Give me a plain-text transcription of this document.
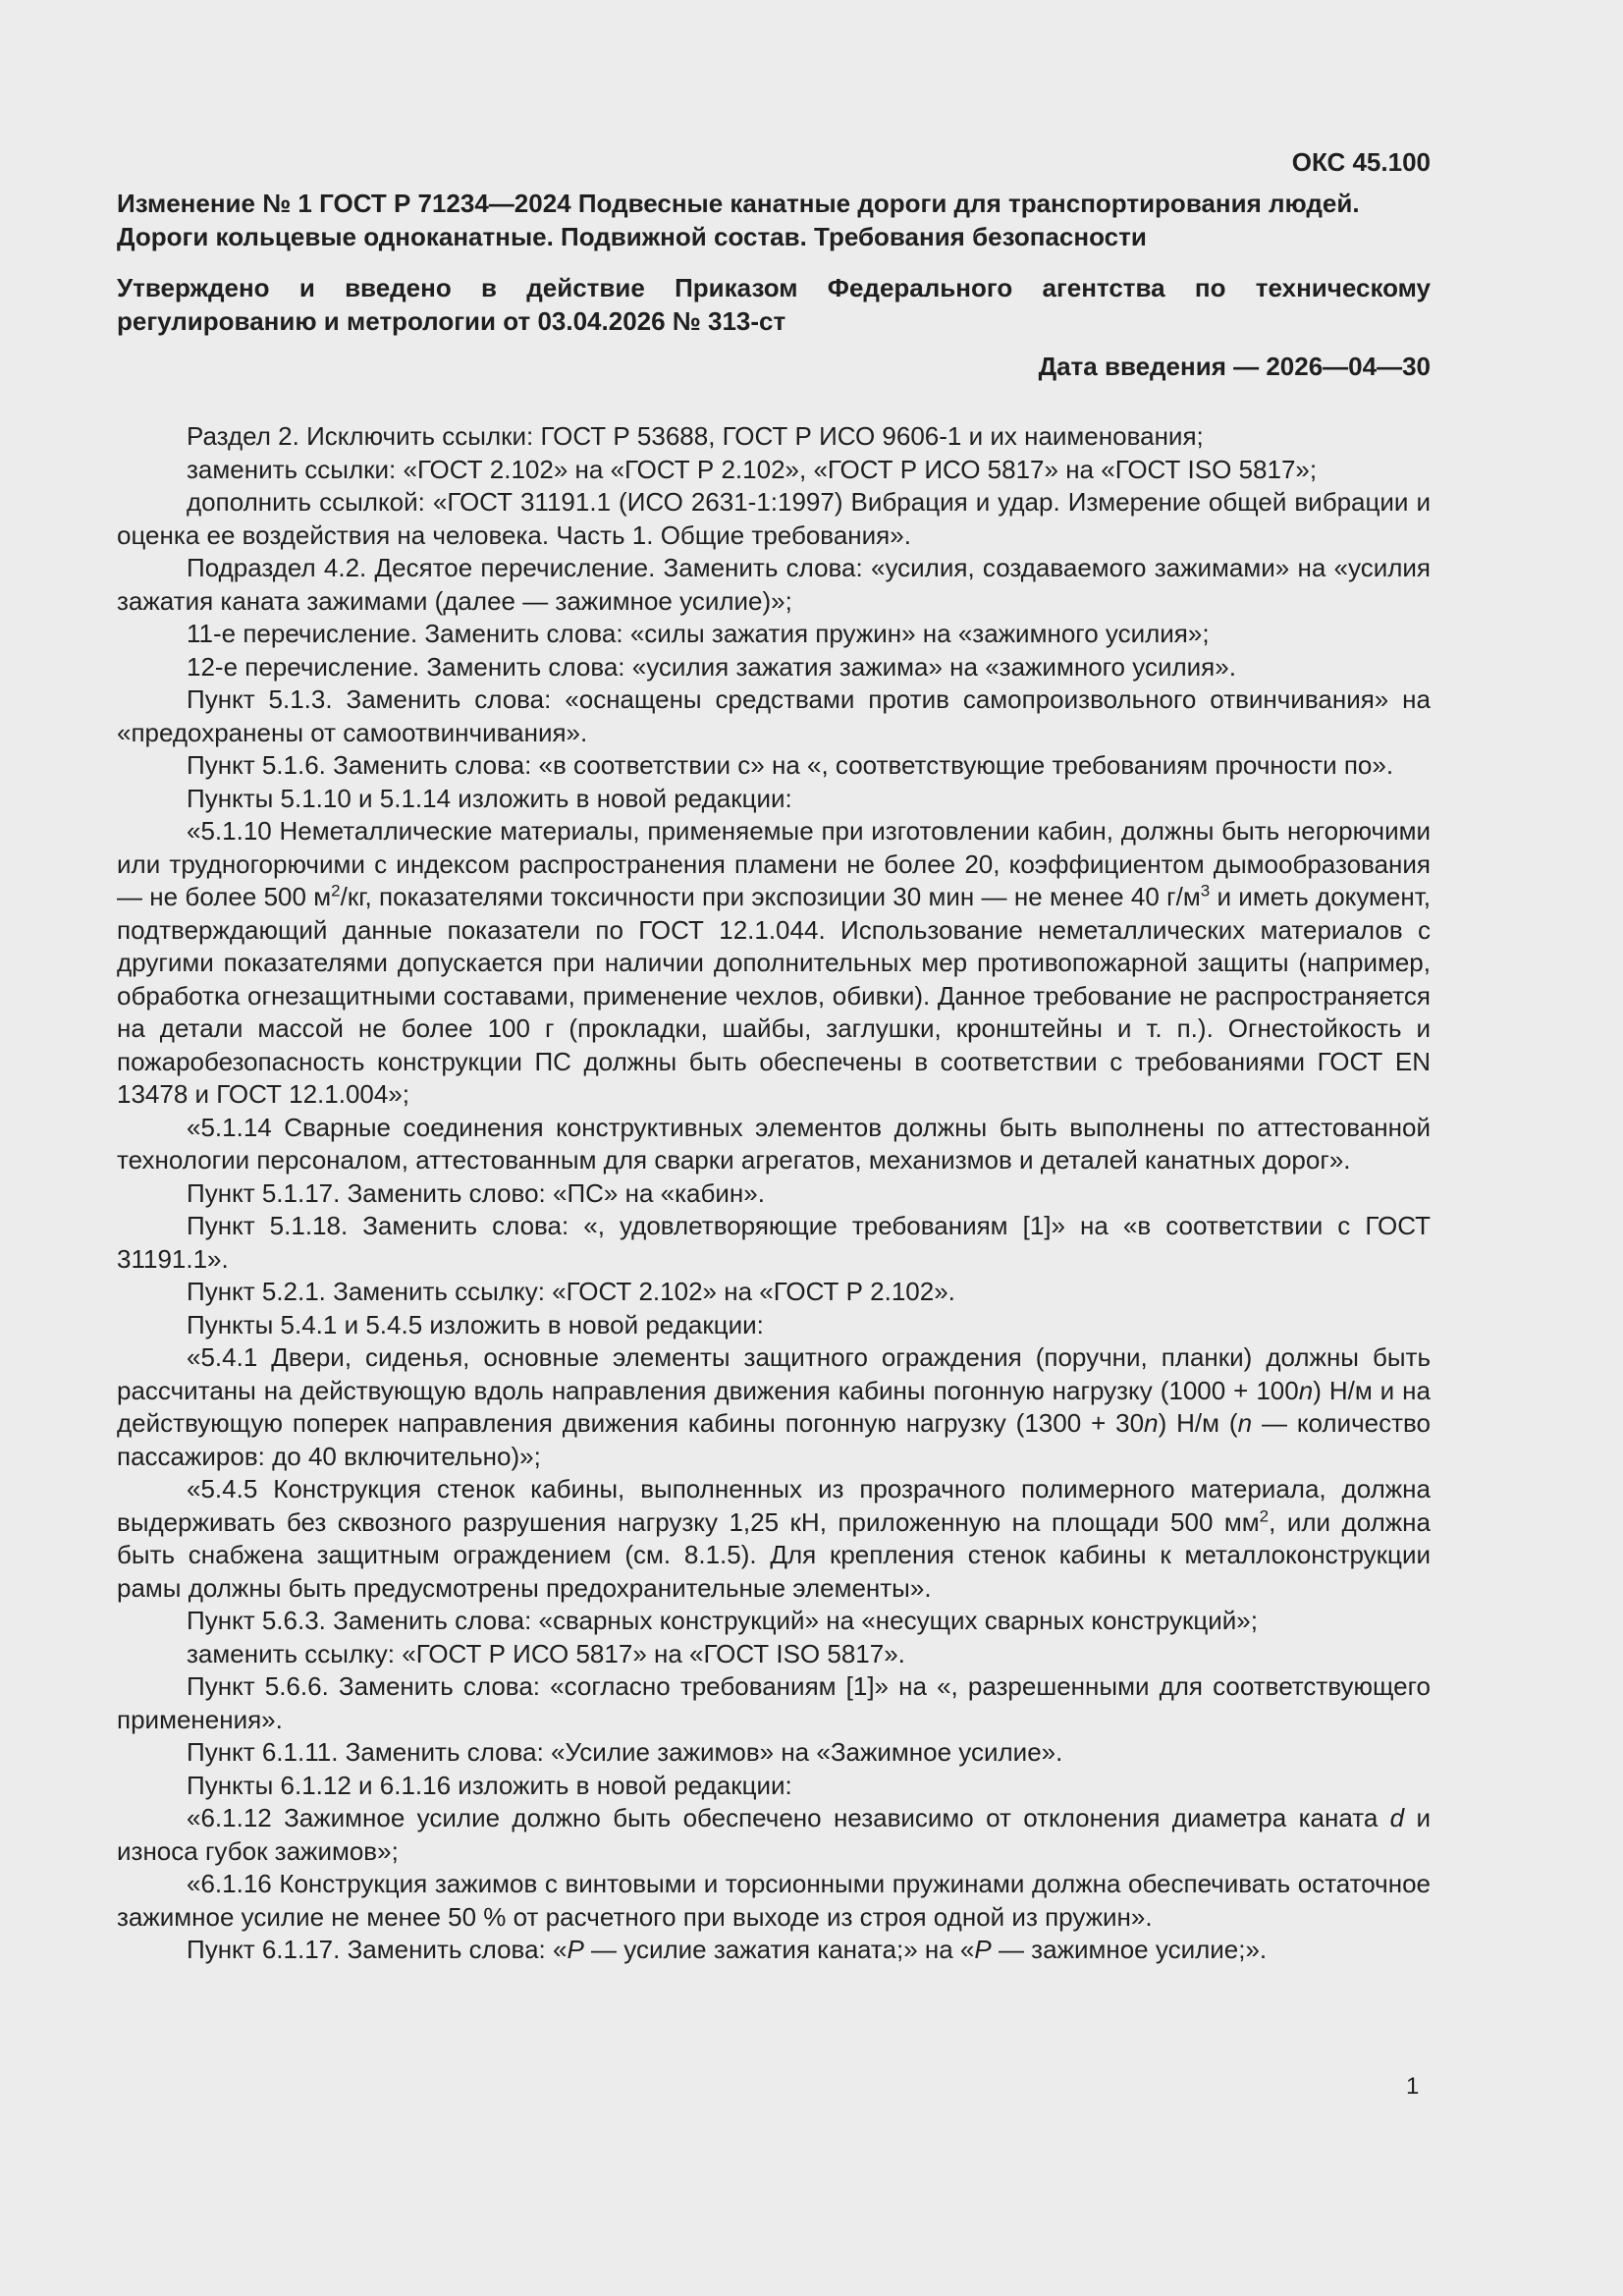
ОКС 45.100

Изменение № 1 ГОСТ Р 71234—2024 Подвесные канатные дороги для транспортирования людей. Дороги кольцевые одноканатные. Подвижной состав. Требования безопасности

Утверждено и введено в действие Приказом Федерального агентства по техническому регулированию и метрологии от 03.04.2026 № 313-ст

Дата введения — 2026—04—30

Раздел 2. Исключить ссылки: ГОСТ Р 53688, ГОСТ Р ИСО 9606-1 и их наименования;

заменить ссылки: «ГОСТ 2.102» на «ГОСТ Р 2.102», «ГОСТ Р ИСО 5817» на «ГОСТ ISO 5817»;

дополнить ссылкой: «ГОСТ 31191.1 (ИСО 2631-1:1997) Вибрация и удар. Измерение общей вибрации и оценка ее воздействия на человека. Часть 1. Общие требования».

Подраздел 4.2. Десятое перечисление. Заменить слова: «усилия, создаваемого зажимами» на «усилия зажатия каната зажимами (далее — зажимное усилие)»;

11-е перечисление. Заменить слова: «силы зажатия пружин» на «зажимного усилия»;

12-е перечисление. Заменить слова: «усилия зажатия зажима» на «зажимного усилия».

Пункт 5.1.3. Заменить слова: «оснащены средствами против самопроизвольного отвинчивания» на «предохранены от самоотвинчивания».

Пункт 5.1.6. Заменить слова: «в соответствии с» на «, соответствующие требованиям прочности по».

Пункты 5.1.10 и 5.1.14 изложить в новой редакции:

«5.1.10 Неметаллические материалы, применяемые при изготовлении кабин, должны быть негорючими или трудногорючими с индексом распространения пламени не более 20, коэффициентом дымообразования — не более 500 $м^2/кг$, показателями токсичности при экспозиции 30 мин — не менее 40 $г/м^3$ и иметь документ, подтверждающий данные показатели по ГОСТ 12.1.044. Использование неметаллических материалов с другими показателями допускается при наличии дополнительных мер противопожарной защиты (например, обработка огнезащитными составами, применение чехлов, обивки). Данное требование не распространяется на детали массой не более 100 г (прокладки, шайбы, заглушки, кронштейны и т. п.). Огнестойкость и пожаробезопасность конструкции ПС должны быть обеспечены в соответствии с требованиями ГОСТ EN 13478 и ГОСТ 12.1.004»;

«5.1.14 Сварные соединения конструктивных элементов должны быть выполнены по аттестованной технологии персоналом, аттестованным для сварки агрегатов, механизмов и деталей канатных дорог».

Пункт 5.1.17. Заменить слово: «ПС» на «кабин».

Пункт 5.1.18. Заменить слова: «, удовлетворяющие требованиям [1]» на «в соответствии с ГОСТ 31191.1».

Пункт 5.2.1. Заменить ссылку: «ГОСТ 2.102» на «ГОСТ Р 2.102».

Пункты 5.4.1 и 5.4.5 изложить в новой редакции:

«5.4.1 Двери, сиденья, основные элементы защитного ограждения (поручни, планки) должны быть рассчитаны на действующую вдоль направления движения кабины погонную нагрузку (1000 + 100n) Н/м и на действующую поперек направления движения кабины погонную нагрузку (1300 + 30n) Н/м (n — количество пассажиров: до 40 включительно)»;

«5.4.5 Конструкция стенок кабины, выполненных из прозрачного полимерного материала, должна выдерживать без сквозного разрушения нагрузку 1,25 кН, приложенную на площади 500 $мм^2$, или должна быть снабжена защитным ограждением (см. 8.1.5). Для крепления стенок кабины к металлоконструкции рамы должны быть предусмотрены предохранительные элементы».

Пункт 5.6.3. Заменить слова: «сварных конструкций» на «несущих сварных конструкций»;

заменить ссылку: «ГОСТ Р ИСО 5817» на «ГОСТ ISO 5817».

Пункт 5.6.6. Заменить слова: «согласно требованиям [1]» на «, разрешенными для соответствующего применения».

Пункт 6.1.11. Заменить слова: «Усилие зажимов» на «Зажимное усилие».

Пункты 6.1.12 и 6.1.16 изложить в новой редакции:

«6.1.12 Зажимное усилие должно быть обеспечено независимо от отклонения диаметра каната d и износа губок зажимов»;

«6.1.16 Конструкция зажимов с винтовыми и торсионными пружинами должна обеспечивать остаточное зажимное усилие не менее 50 % от расчетного при выходе из строя одной из пружин».

Пункт 6.1.17. Заменить слова: «P — усилие зажатия каната;» на «P — зажимное усилие;».

1
